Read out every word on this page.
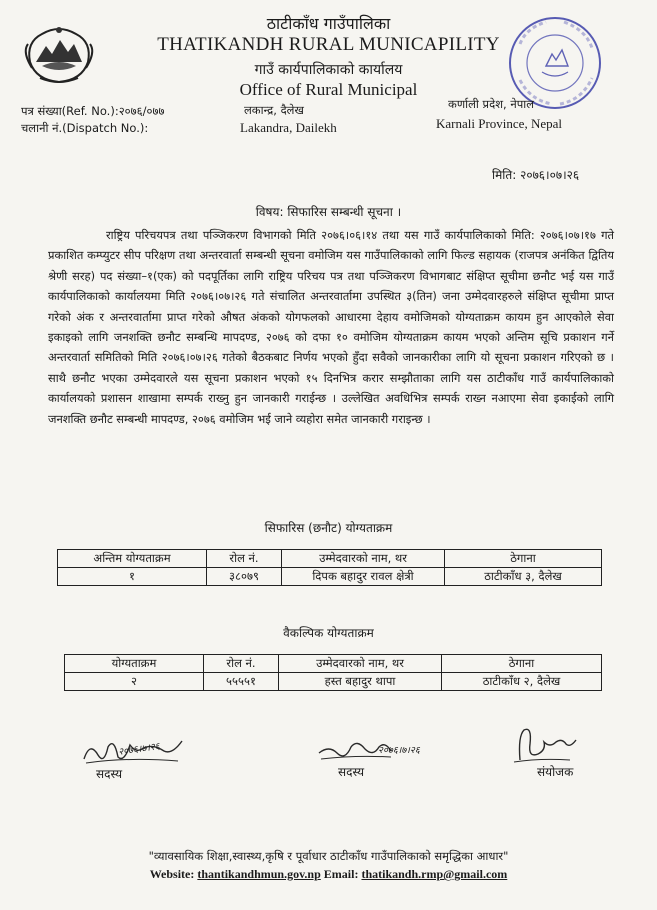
ठाटीकाँध गाउँपालिका
THATIKANDH RURAL MUNICAPILITY
गाउँ कार्यपालिकाको कार्यालय
Office of Rural Municipal
पत्र संख्या(Ref. No.):२०७६/०७७
चलानी नं.(Dispatch No.):
लकान्द्र, दैलेख
Lakandra, Dailekh
कर्णाली प्रदेश, नेपाल
Karnali Province, Nepal
मिति: २०७६।०७।२६
विषय: सिफारिस सम्बन्धी सूचना ।

राष्ट्रिय परिचयपत्र तथा पञ्जिकरण विभागको मिति २०७६।०६।१४ तथा यस गाउँ कार्यपालिकाको मिति: २०७६।०७।१७ गते प्रकाशित कम्प्युटर सीप परिक्षण तथा अन्तरवार्ता सम्बन्धी सूचना वमोजिम यस गाउँपालिकाको लागि फिल्ड सहायक (राजपत्र अनंकित द्वितिय श्रेणी सरह) पद संख्या–१(एक) को पदपूर्तिका लागि राष्ट्रिय परिचय पत्र तथा पञ्जिकरण विभागबाट संक्षिप्त सूचीमा छनौट भई यस गाउँ कार्यपालिकाको कार्यालयमा मिति २०७६।०७।२६ गते संचालित अन्तरवार्तामा उपस्थित ३(तिन) जना उम्मेदवारहरुले संक्षिप्त सूचीमा प्राप्त गरेको अंक र अन्तरवार्तामा प्राप्त गरेको औषत अंकको योगफलको आधारमा देहाय वमोजिमको योग्यताक्रम कायम हुन आएकोले सेवा इकाइको लागि जनशक्ति छनौट सम्बन्धि मापदण्ड, २०७६ को दफा १० वमोजिम योग्यताक्रम कायम भएको अन्तिम सूचि प्रकाशन गर्ने अन्तरवार्ता समितिको मिति २०७६।०७।२६ गतेको बैठकबाट निर्णय भएको हुँदा सवैको जानकारीका लागि यो सूचना प्रकाशन गरिएको छ । साथै छनौट भएका उम्मेदवारले यस सूचना प्रकाशन भएको १५ दिनभित्र करार सम्झौताका लागि यस ठाटीकाँध गाउँ कार्यपालिकाको कार्यालयको प्रशासन शाखामा सम्पर्क राख्नु हुन जानकारी गराईन्छ । उल्लेखित अवधिभित्र सम्पर्क राख्न नआएमा सेवा इकाईको लागि जनशक्ति छनौट सम्बन्धी मापदण्ड, २०७६ वमोजिम भई जाने व्यहोरा समेत जानकारी गराइन्छ ।

सिफारिस (छनौट) योग्यताक्रम
अन्तिम योग्यताक्रम	रोल नं.	उम्मेदवारको नाम, थर	ठेगाना
१	३८०७९	दिपक बहादुर रावल क्षेत्री	ठाटीकाँध ३, दैलेख
वैकल्पिक योग्यताक्रम
योग्यताक्रम	रोल नं.	उम्मेदवारको नाम, थर	ठेगाना
२	५५५५१	हस्त बहादुर थापा	ठाटीकाँध २, दैलेख
२०७६।७।२६
सदस्य
२०७६।७।२६
सदस्य	संयोजक
"व्यावसायिक शिक्षा,स्वास्थ्य,कृषि र पूर्वाधार ठाटीकाँध गाउँपालिकाको समृद्धिका आधार"
Website: thantikandhmun.gov.np Email: thatikandh.rmp@gmail.com
